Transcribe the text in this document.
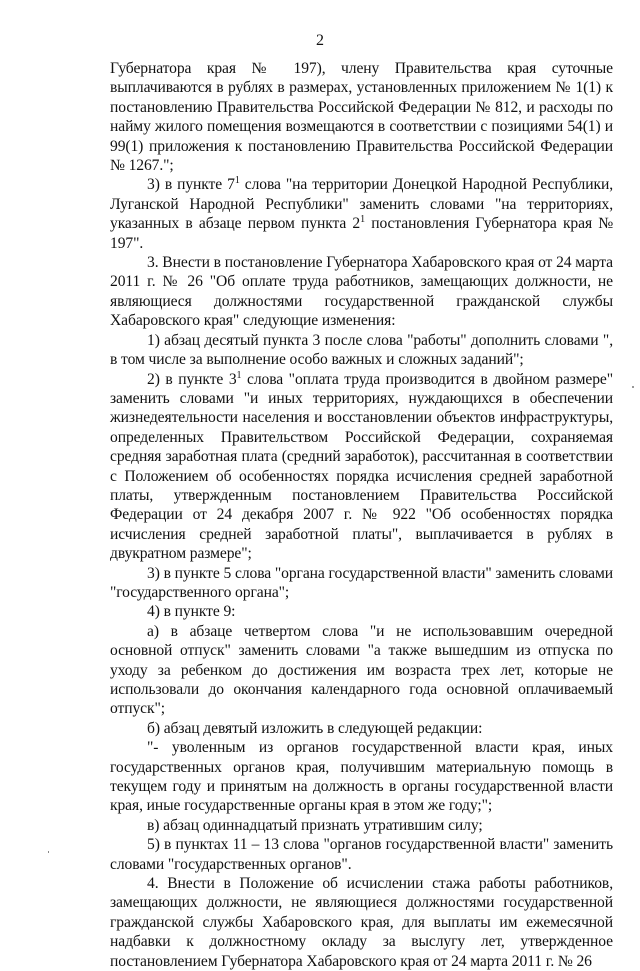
2

Губернатора края № 197), члену Правительства края суточные выплачиваются в рублях в размерах, установленных приложением № 1(1) к постановлению Правительства Российской Федерации № 812, и расходы по найму жилого помещения возмещаются в соответствии с позициями 54(1) и 99(1) приложения к постановлению Правительства Российской Федерации № 1267.";

3) в пункте $7^1$ слова "на территории Донецкой Народной Республики, Луганской Народной Республики" заменить словами "на территориях, указанных в абзаце первом пункта $2^1$ постановления Губернатора края № 197".

3. Внести в постановление Губернатора Хабаровского края от 24 марта 2011 г. № 26 "Об оплате труда работников, замещающих должности, не являющиеся должностями государственной гражданской службы Хабаровского края" следующие изменения:

1) абзац десятый пункта 3 после слова "работы" дополнить словами ", в том числе за выполнение особо важных и сложных заданий";

2) в пункте $3^1$ слова "оплата труда производится в двойном размере" заменить словами "и иных территориях, нуждающихся в обеспечении жизнедеятельности населения и восстановлении объектов инфраструктуры, определенных Правительством Российской Федерации, сохраняемая средняя заработная плата (средний заработок), рассчитанная в соответствии с Положением об особенностях порядка исчисления средней заработной платы, утвержденным постановлением Правительства Российской Федерации от 24 декабря 2007 г. № 922 "Об особенностях порядка исчисления средней заработной платы", выплачивается в рублях в двукратном размере";

3) в пункте 5 слова "органа государственной власти" заменить словами "государственного органа";

4) в пункте 9:

а) в абзаце четвертом слова "и не использовавшим очередной основной отпуск" заменить словами "а также вышедшим из отпуска по уходу за ребенком до достижения им возраста трех лет, которые не использовали до окончания календарного года основной оплачиваемый отпуск";

б) абзац девятый изложить в следующей редакции:

"- уволенным из органов государственной власти края, иных государственных органов края, получившим материальную помощь в текущем году и принятым на должность в органы государственной власти края, иные государственные органы края в этом же году;";

в) абзац одиннадцатый признать утратившим силу;

5) в пунктах 11 – 13 слова "органов государственной власти" заменить словами "государственных органов".

4. Внести в Положение об исчислении стажа работы работников, замещающих должности, не являющиеся должностями государственной гражданской службы Хабаровского края, для выплаты им ежемесячной надбавки к должностному окладу за выслугу лет, утвержденное постановлением Губернатора Хабаровского края от 24 марта 2011 г. № 26
